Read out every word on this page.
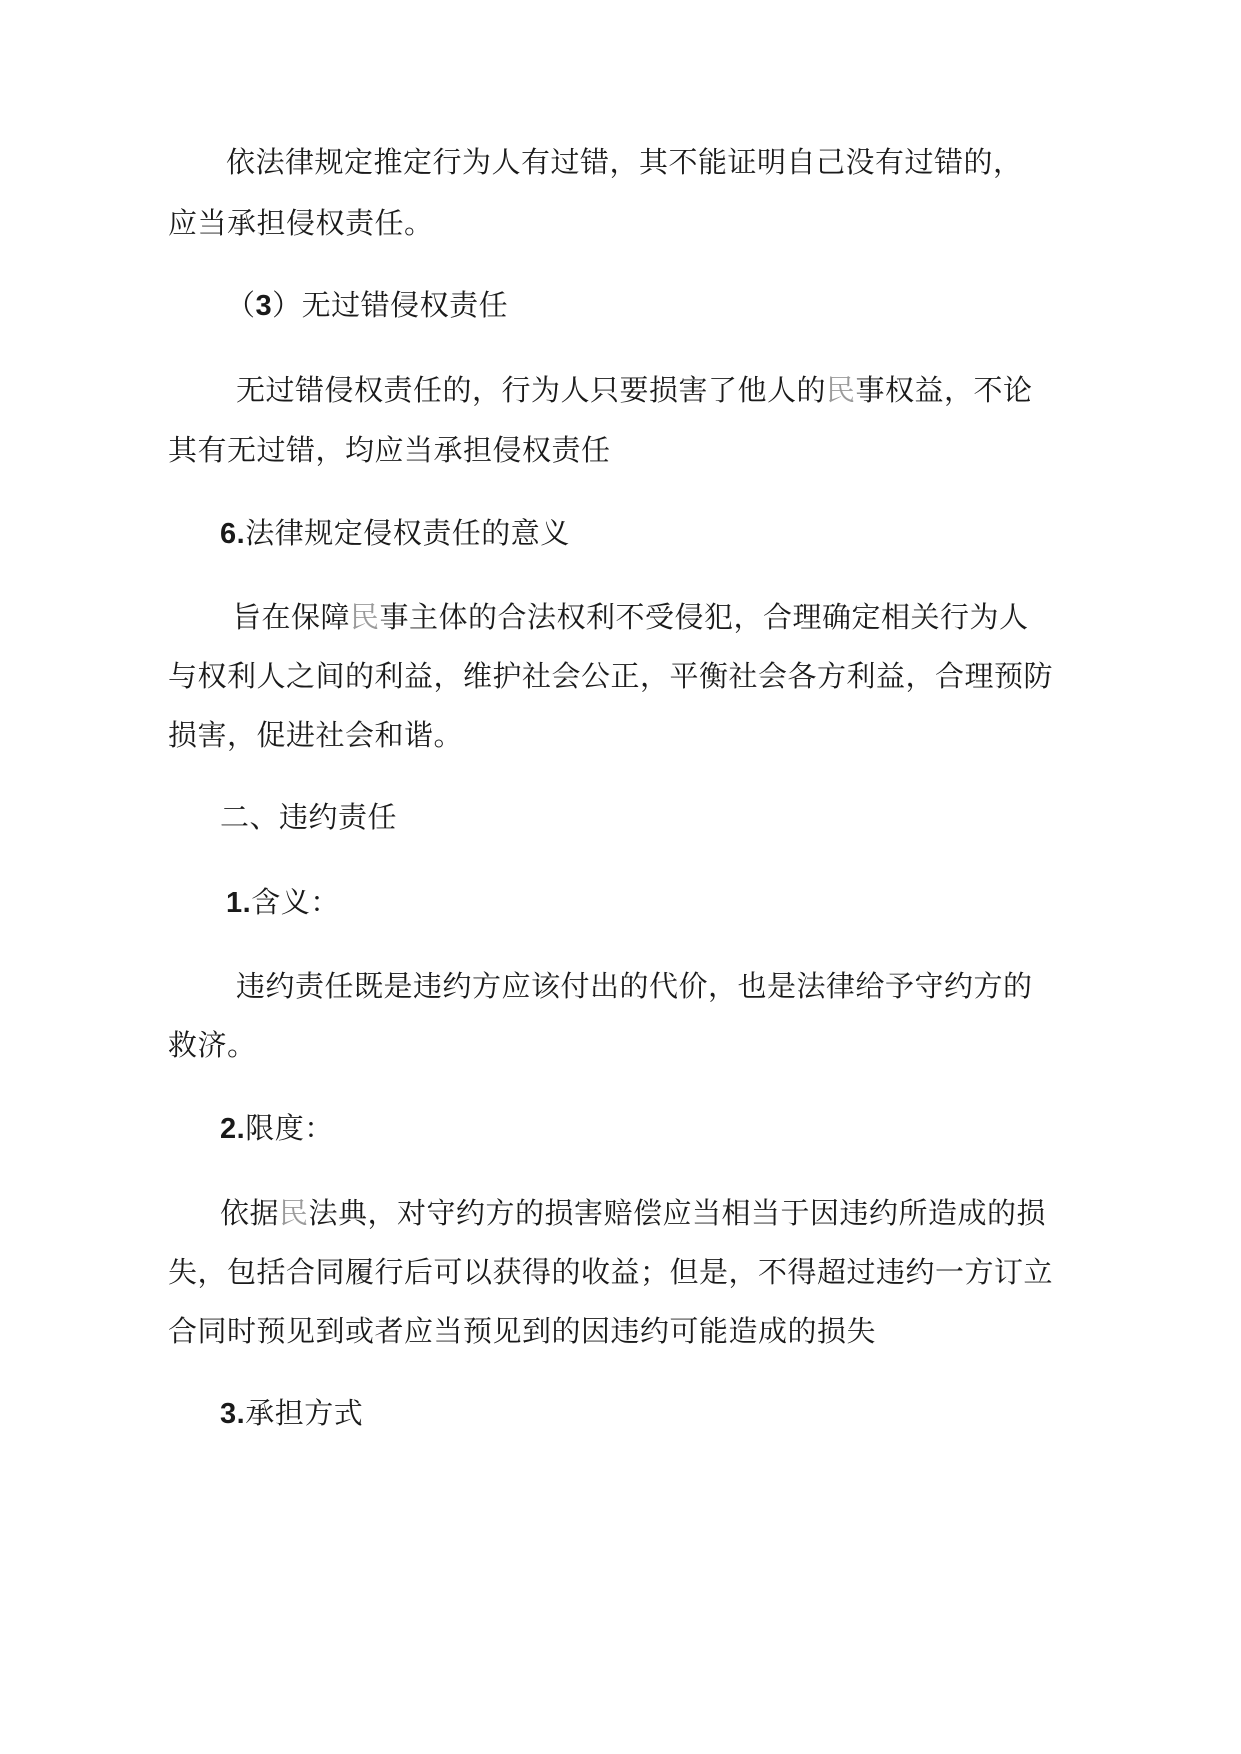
依法律规定推定行为人有过错，其不能证明自己没有过错的，

应当承担侵权责任。

（3）无过错侵权责任

无过错侵权责任的，行为人只要损害了他人的民事权益，不论

其有无过错，均应当承担侵权责任

6.法律规定侵权责任的意义

旨在保障民事主体的合法权利不受侵犯，合理确定相关行为人

与权利人之间的利益，维护社会公正，平衡社会各方利益，合理预防

损害，促进社会和谐。

二、违约责任

1.含义：

违约责任既是违约方应该付出的代价，也是法律给予守约方的

救济。

2.限度：

依据民法典，对守约方的损害赔偿应当相当于因违约所造成的损

失，包括合同履行后可以获得的收益；但是，不得超过违约一方订立

合同时预见到或者应当预见到的因违约可能造成的损失

3.承担方式
